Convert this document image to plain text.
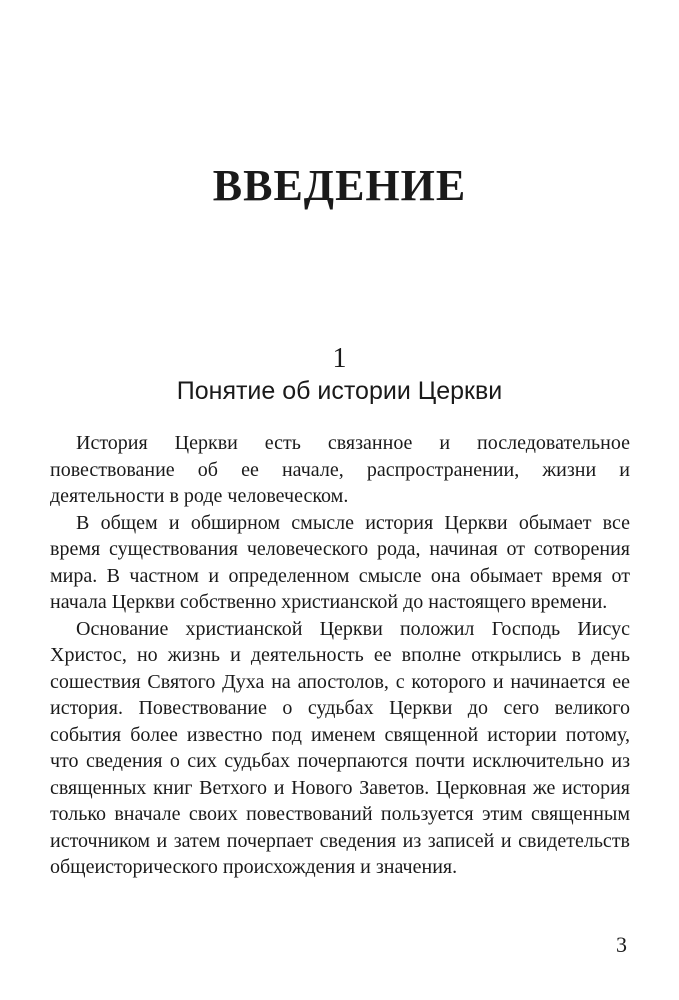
ВВЕДЕНИЕ
1
Понятие об истории Церкви

История Церкви есть связанное и последовательное повествование об ее начале, распространении, жизни и деятельности в роде человеческом.

В общем и обширном смысле история Церкви обымает все время существования человеческого рода, начиная от сотворения мира. В частном и определенном смысле она обымает время от начала Церкви собственно христианской до настоящего времени.

Основание христианской Церкви положил Господь Иисус Христос, но жизнь и деятельность ее вполне открылись в день сошествия Святого Духа на апостолов, с которого и начинается ее история. Повествование о судьбах Церкви до сего великого события более известно под именем священной истории потому, что сведения о сих судьбах почерпаются почти исключительно из священных книг Ветхого и Нового Заветов. Церковная же история только вначале своих повествований пользуется этим священным источником и затем почерпает сведения из записей и свидетельств общеисторического происхождения и значения.

3
